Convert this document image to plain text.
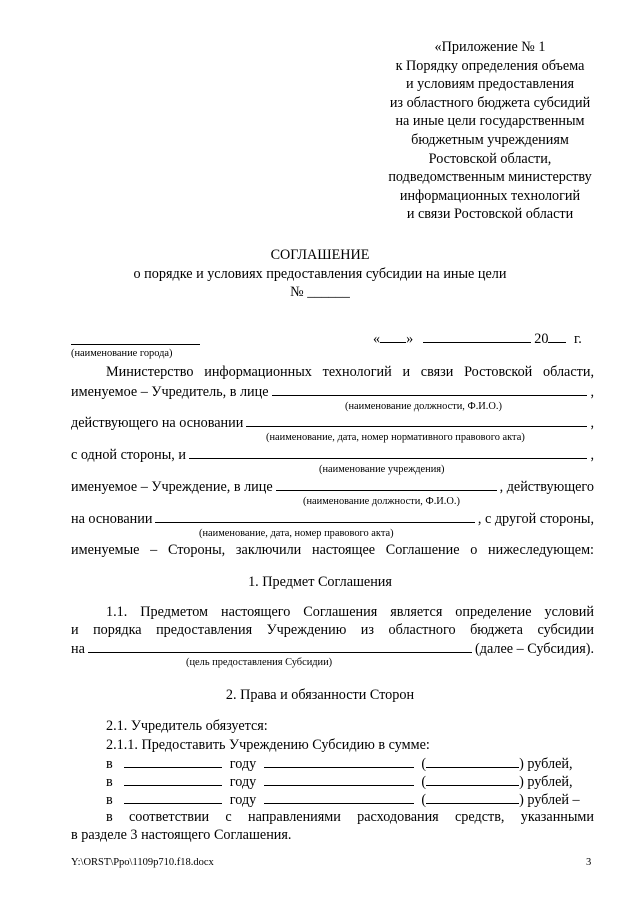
«Приложение № 1
к Порядку определения объема
и условиям предоставления
из областного бюджета субсидий
на иные цели государственным
бюджетным учреждениям
Ростовской области,
подведомственным министерству
информационных технологий
и связи Ростовской области
СОГЛАШЕНИЕ
о порядке и условиях предоставления субсидии на иные цели
№ ______
« »	20 г.
(наименование города)
Министерство информационных технологий и связи Ростовской области,
именуемое – Учредитель, в лице	,
(наименование должности, Ф.И.О.)
действующего на основании	,
(наименование, дата, номер нормативного правового акта)
с одной стороны, и	,
(наименование учреждения)
именуемое – Учреждение, в лице	, действующего
(наименование должности, Ф.И.О.)
на основании	, с другой стороны,
(наименование, дата, номер правового акта)
именуемые – Стороны, заключили настоящее Соглашение о нижеследующем:
1. Предмет Соглашения
1.1. Предметом настоящего Соглашения является определение условий
и порядка предоставления Учреждению из областного бюджета субсидии
на	(далее – Субсидия).
(цель предоставления Субсидии)
2. Права и обязанности Сторон
2.1. Учредитель обязуется:
2.1.1. Предоставить Учреждению Субсидию в сумме:
в	году	(	) рублей,
в	году	(	) рублей,
в	году	(	) рублей –
в соответствии с направлениями расходования средств, указанными
в разделе 3 настоящего Соглашения.
Y:\ORST\Ppo\1109p710.f18.docx	3
